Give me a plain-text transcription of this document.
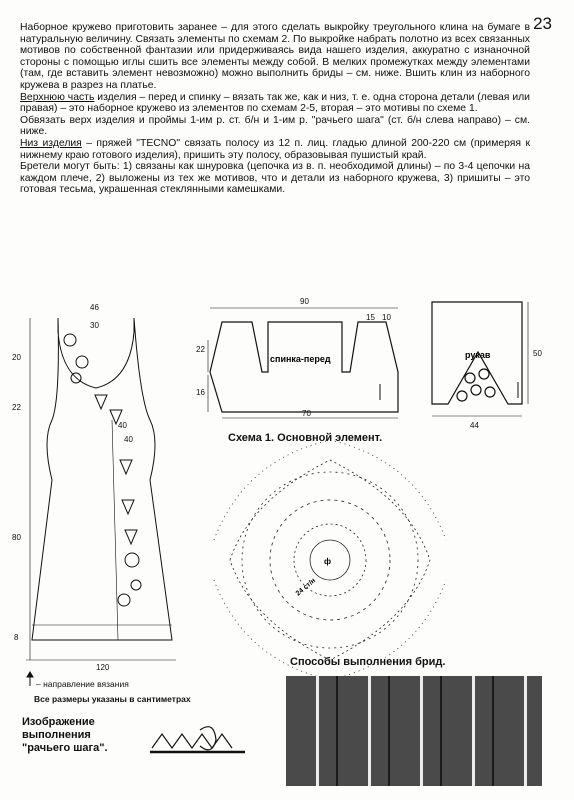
23

Наборное кружево приготовить заранее – для этого сделать выкройку треугольного клина на бумаге в натуральную величину. Связать элементы по схемам 2. По выкройке набрать полотно из всех связанных мотивов по собственной фантазии или придерживаясь вида нашего изделия, аккуратно с изнаночной стороны с помощью иглы сшить все элементы между собой. В мелких промежутках между элементами (там, где вставить элемент невозможно) можно выполнить бриды – см. ниже. Вшить клин из наборного кружева в разрез на платье.

Верхнюю часть изделия – перед и спинку – вязать так же, как и низ, т. е. одна сторона детали (левая или правая) – это наборное кружево из элементов по схемам 2-5, вторая – это мотивы по схеме 1.

Обвязать верх изделия и проймы 1-им р. ст. б/н и 1-им р. "рачьего шага" (ст. б/н слева направо) – см. ниже.

Низ изделия – пряжей "TECNO" связать полосу из 12 п. лиц. гладью длиной 200-220 см (примеряя к нижнему краю готового изделия), пришить эту полосу, образовывая пушистый край.

Бретели могут быть: 1) связаны как шнуровка (цепочка из в. п. необходимой длины) – по 3-4 цепочки на каждом плече, 2) выложены из тех же мотивов, что и детали из наборного кружева, 3) пришиты – это готовая тесьма, украшенная стеклянными камешками.

46
30
20
22
80
8
120
40
40
90
15 10
22
16
70
спинка-перед	рукав	50
44
ф
24 ст/н
Схема 1. Основной элемент.
– направление вязания
Все размеры указаны в сантиметрах
Изображение выполнения "рачьего шага".
Способы выполнения брид.
